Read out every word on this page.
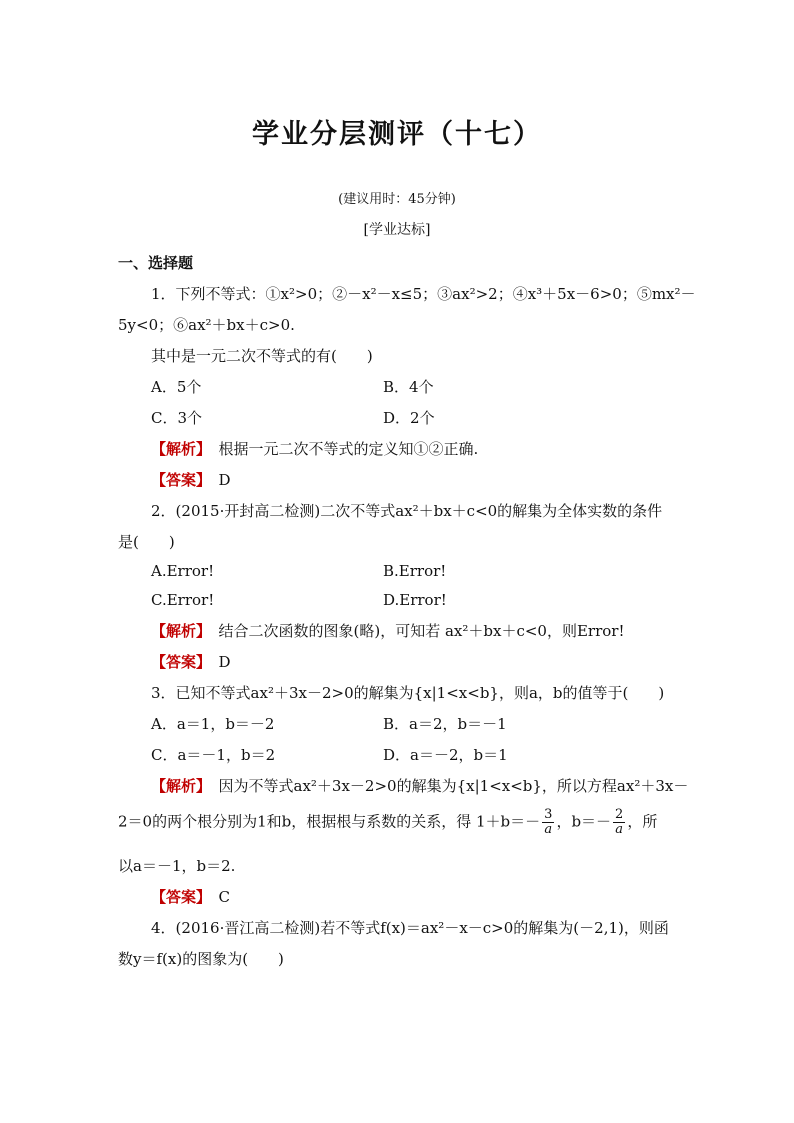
学业分层测评（十七）
(建议用时：45分钟)
[学业达标]
一、选择题
1．下列不等式：①x²>0；②－x²－x≤5；③ax²>2；④x³＋5x－6>0；⑤mx²－
5y<0；⑥ax²＋bx＋c>0.
其中是一元二次不等式的有(　　)
A．5个	B．4个
C．3个	D．2个
【解析】　根据一元二次不等式的定义知①②正确.
【答案】　D
2．(2015·开封高二检测)二次不等式ax²＋bx＋c<0的解集为全体实数的条件
是(　　)
A.Error!	B.Error!
C.Error!	D.Error!
【解析】　结合二次函数的图象(略)，可知若 ax²＋bx＋c<0，则Error!
【答案】　D
3．已知不等式ax²＋3x－2>0的解集为{x|1<x<b}，则a，b的值等于(　　)
A．a＝1，b＝－2	B．a＝2，b＝－1
C．a＝－1，b＝2	D．a＝－2，b＝1
【解析】　因为不等式ax²＋3x－2>0的解集为{x|1<x<b}，所以方程ax²＋3x－
2＝0的两个根分别为1和b，根据根与系数的关系，得 $1+b=- \frac{3}{a}$ ，$b=- \frac{2}{a}$ ，所
以a＝－1，b＝2.
【答案】　C
4．(2016·晋江高二检测)若不等式f(x)＝ax²－x－c>0的解集为(－2,1)，则函
数y＝f(x)的图象为(　　)
